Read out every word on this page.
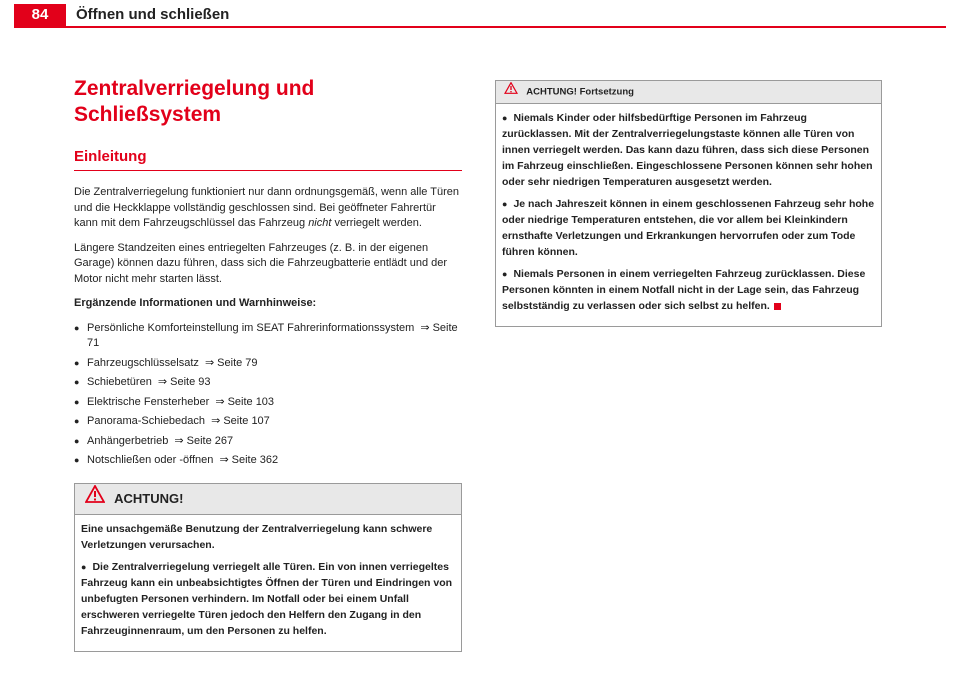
84	Öffnen und schließen
Zentralverriegelung und Schließsystem
Einleitung

Die Zentralverriegelung funktioniert nur dann ordnungsgemäß, wenn alle Türen und die Heckklappe vollständig geschlossen sind. Bei geöffneter Fahrertür kann mit dem Fahrzeugschlüssel das Fahrzeug nicht verriegelt werden.

Längere Standzeiten eines entriegelten Fahrzeuges (z. B. in der eigenen Garage) können dazu führen, dass sich die Fahrzeugbatterie entlädt und der Motor nicht mehr starten lässt.

Ergänzende Informationen und Warnhinweise:

● Persönliche Komforteinstellung im SEAT Fahrerinformationssystem ⇒ Seite 71
● Fahrzeugschlüsselsatz ⇒ Seite 79
● Schiebetüren ⇒ Seite 93
● Elektrische Fensterheber ⇒ Seite 103
● Panorama-Schiebedach ⇒ Seite 107
● Anhängerbetrieb ⇒ Seite 267
● Notschließen oder -öffnen ⇒ Seite 362
ACHTUNG!

Eine unsachgemäße Benutzung der Zentralverriegelung kann schwere Verletzungen verursachen.

● Die Zentralverriegelung verriegelt alle Türen. Ein von innen verriegeltes Fahrzeug kann ein unbeabsichtigtes Öffnen der Türen und Eindringen von unbefugten Personen verhindern. Im Notfall oder bei einem Unfall erschweren verriegelte Türen jedoch den Helfern den Zugang in den Fahrzeuginnenraum, um den Personen zu helfen.
ACHTUNG! Fortsetzung
● Niemals Kinder oder hilfsbedürftige Personen im Fahrzeug zurücklassen. Mit der Zentralverriegelungstaste können alle Türen von innen verriegelt werden. Das kann dazu führen, dass sich diese Personen im Fahrzeug einschließen. Eingeschlossene Personen können sehr hohen oder sehr niedrigen Temperaturen ausgesetzt werden.
● Je nach Jahreszeit können in einem geschlossenen Fahrzeug sehr hohe oder niedrige Temperaturen entstehen, die vor allem bei Kleinkindern ernsthafte Verletzungen und Erkrankungen hervorrufen oder zum Tode führen können.
● Niemals Personen in einem verriegelten Fahrzeug zurücklassen. Diese Personen könnten in einem Notfall nicht in der Lage sein, das Fahrzeug selbstständig zu verlassen oder sich selbst zu helfen.
